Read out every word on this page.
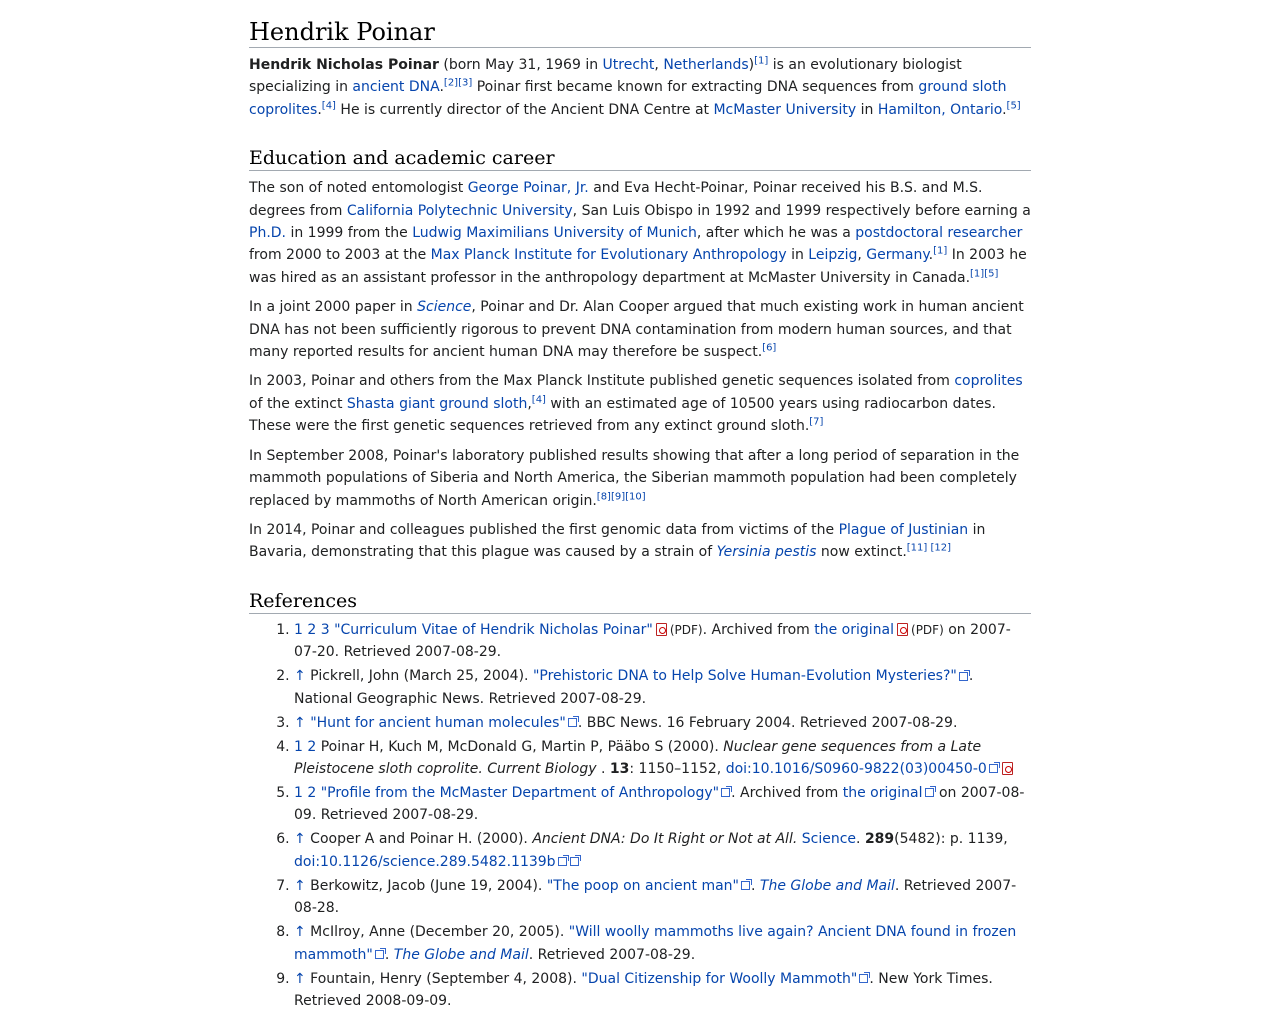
Hendrik Poinar

Hendrik Nicholas Poinar (born May 31, 1969 in Utrecht, Netherlands)[1] is an evolutionary biologist specializing in ancient DNA.[2][3] Poinar first became known for extracting DNA sequences from ground sloth coprolites.[4] He is currently director of the Ancient DNA Centre at McMaster University in Hamilton, Ontario.[5]

Education and academic career

The son of noted entomologist George Poinar, Jr. and Eva Hecht-Poinar, Poinar received his B.S. and M.S. degrees from California Polytechnic University, San Luis Obispo in 1992 and 1999 respectively before earning a Ph.D. in 1999 from the Ludwig Maximilians University of Munich, after which he was a postdoctoral researcher from 2000 to 2003 at the Max Planck Institute for Evolutionary Anthropology in Leipzig, Germany.[1] In 2003 he was hired as an assistant professor in the anthropology department at McMaster University in Canada.[1][5]

In a joint 2000 paper in Science, Poinar and Dr. Alan Cooper argued that much existing work in human ancient DNA has not been sufficiently rigorous to prevent DNA contamination from modern human sources, and that many reported results for ancient human DNA may therefore be suspect.[6]

In 2003, Poinar and others from the Max Planck Institute published genetic sequences isolated from coprolites of the extinct Shasta giant ground sloth,[4] with an estimated age of 10500 years using radiocarbon dates. These were the first genetic sequences retrieved from any extinct ground sloth.[7]

In September 2008, Poinar's laboratory published results showing that after a long period of separation in the mammoth populations of Siberia and North America, the Siberian mammoth population had been completely replaced by mammoths of North American origin.[8][9][10]

In 2014, Poinar and colleagues published the first genomic data from victims of the Plague of Justinian in Bavaria, demonstrating that this plague was caused by a strain of Yersinia pestis now extinct.[11] [12]

References
1. 1 2 3 "Curriculum Vitae of Hendrik Nicholas Poinar" (PDF). Archived from the original (PDF) on 2007-07-20. Retrieved 2007-08-29.
2. ↑ Pickrell, John (March 25, 2004). "Prehistoric DNA to Help Solve Human-Evolution Mysteries?" . National Geographic News. Retrieved 2007-08-29.
3. ↑ "Hunt for ancient human molecules" . BBC News. 16 February 2004. Retrieved 2007-08-29.
4. 1 2 Poinar H, Kuch M, McDonald G, Martin P, Pääbo S (2000). Nuclear gene sequences from a Late Pleistocene sloth coprolite. Current Biology . 13: 1150–1152, doi:10.1016/S0960-9822(03)00450-0
5. 1 2 "Profile from the McMaster Department of Anthropology" . Archived from the original on 2007-08-09. Retrieved 2007-08-29.
6. ↑ Cooper A and Poinar H. (2000). Ancient DNA: Do It Right or Not at All. Science. 289(5482): p. 1139, doi:10.1126/science.289.5482.1139b
7. ↑ Berkowitz, Jacob (June 19, 2004). "The poop on ancient man" . The Globe and Mail. Retrieved 2007-08-28.
8. ↑ McIlroy, Anne (December 20, 2005). "Will woolly mammoths live again? Ancient DNA found in frozen mammoth" . The Globe and Mail. Retrieved 2007-08-29.
9. ↑ Fountain, Henry (September 4, 2008). "Dual Citizenship for Woolly Mammoth" . New York Times. Retrieved 2008-09-09.
